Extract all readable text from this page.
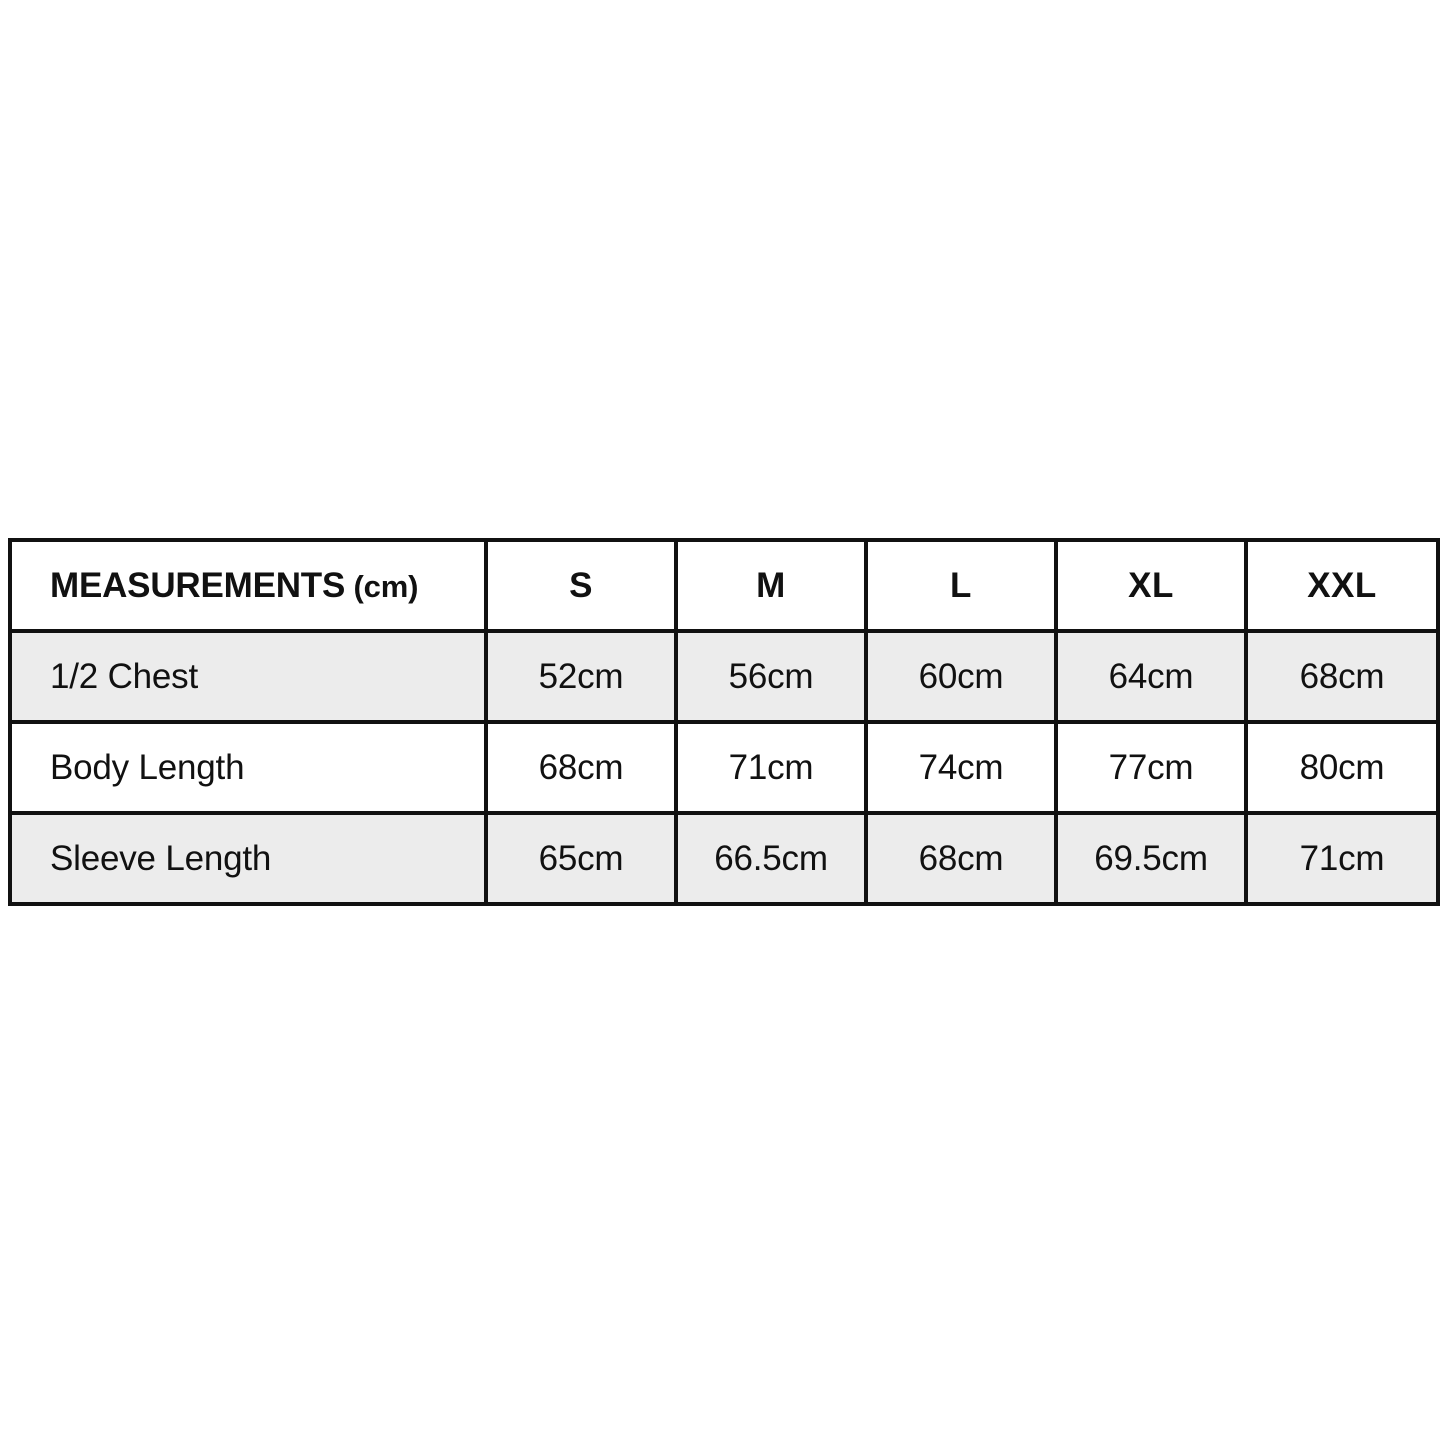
MEASUREMENTS (cm)	S	M	L	XL	XXL
1/2 Chest	52cm	56cm	60cm	64cm	68cm
Body Length	68cm	71cm	74cm	77cm	80cm
Sleeve Length	65cm	66.5cm	68cm	69.5cm	71cm
